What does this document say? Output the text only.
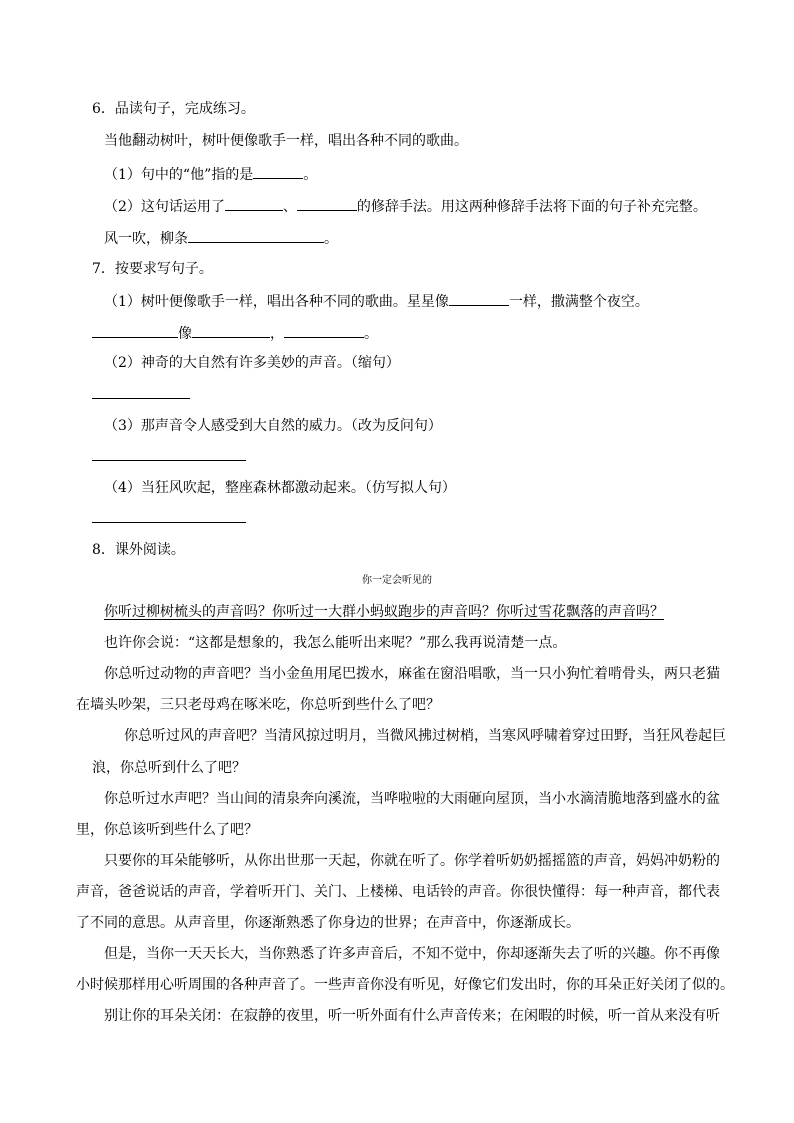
6．品读句子，完成练习。
当他翻动树叶，树叶便像歌手一样，唱出各种不同的歌曲。
（1）句中的“他”指的是	。
（2）这句话运用了	、	的修辞手法。用这两种修辞手法将下面的句子补充完整。
风一吹，柳条	。
7．按要求写句子。
（1）树叶便像歌手一样，唱出各种不同的歌曲。星星像	一样，撒满整个夜空。
像	，	。
（2）神奇的大自然有许多美妙的声音。（缩句）
（3）那声音令人感受到大自然的威力。（改为反问句）
（4）当狂风吹起，整座森林都激动起来。（仿写拟人句）
8．课外阅读。
你一定会听见的
你听过柳树梳头的声音吗？你听过一大群小蚂蚁跑步的声音吗？你听过雪花飘落的声音吗？
也许你会说：“这都是想象的，我怎么能听出来呢？”那么我再说清楚一点。
你总听过动物的声音吧？当小金鱼用尾巴拨水，麻雀在窗沿唱歌，当一只小狗忙着啃骨头，两只老猫
在墙头吵架，三只老母鸡在啄米吃，你总听到些什么了吧？
你总听过风的声音吧？当清风掠过明月，当微风拂过树梢，当寒风呼啸着穿过田野，当狂风卷起巨
浪，你总听到什么了吧？
你总听过水声吧？当山间的清泉奔向溪流，当哗啦啦的大雨砸向屋顶，当小水滴清脆地落到盛水的盆
里，你总该听到些什么了吧？
只要你的耳朵能够听，从你出世那一天起，你就在听了。你学着听奶奶摇摇篮的声音，妈妈冲奶粉的
声音，爸爸说话的声音，学着听开门、关门、上楼梯、电话铃的声音。你很快懂得：每一种声音，都代表
了不同的意思。从声音里，你逐渐熟悉了你身边的世界；在声音中，你逐渐成长。
但是，当你一天天长大，当你熟悉了许多声音后，不知不觉中，你却逐渐失去了听的兴趣。你不再像
小时候那样用心听周围的各种声音了。一些声音你没有听见，好像它们发出时，你的耳朵正好关闭了似的。
别让你的耳朵关闭：在寂静的夜里，听一听外面有什么声音传来；在闲暇的时候，听一首从来没有听
